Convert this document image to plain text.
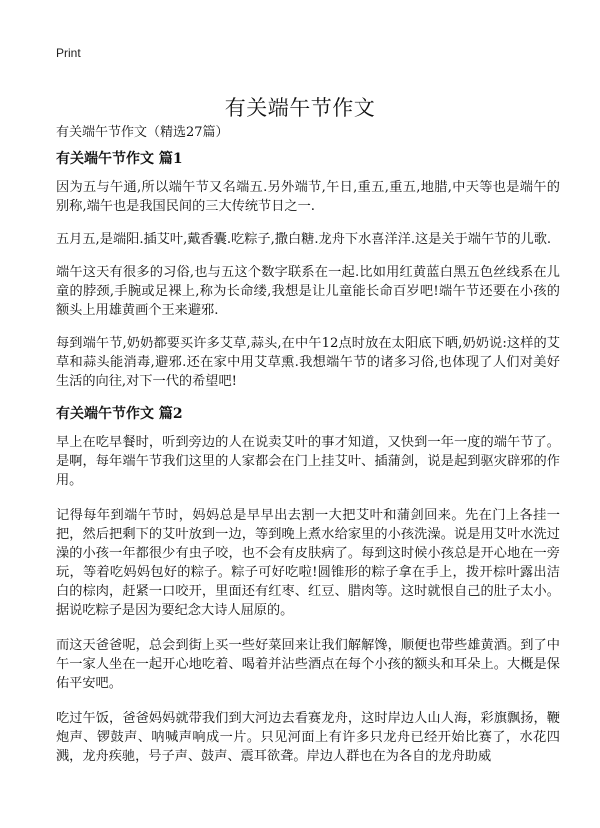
Print
有关端午节作文
有关端午节作文（精选27篇）
有关端午节作文 篇1

因为五与午通,所以端午节又名端五.另外端节,午日,重五,重五,地腊,中天等也是端午的别称,端午也是我国民间的三大传统节日之一.

五月五,是端阳.插艾叶,戴香囊.吃粽子,撒白糖.龙舟下水喜洋洋.这是关于端午节的儿歌.

端午这天有很多的习俗,也与五这个数字联系在一起.比如用红黄蓝白黑五色丝线系在儿童的脖颈,手腕或足裸上,称为长命缕,我想是让儿童能长命百岁吧!端午节还要在小孩的额头上用雄黄画个王来避邪.

每到端午节,奶奶都要买许多艾草,蒜头,在中午12点时放在太阳底下晒,奶奶说:这样的艾草和蒜头能消毒,避邪.还在家中用艾草熏.我想端午节的诸多习俗,也体现了人们对美好生活的向往,对下一代的希望吧!

有关端午节作文 篇2

早上在吃早餐时，听到旁边的人在说卖艾叶的事才知道，又快到一年一度的端午节了。是啊，每年端午节我们这里的人家都会在门上挂艾叶、插蒲剑，说是起到驱灾辟邪的作用。

记得每年到端午节时，妈妈总是早早出去割一大把艾叶和蒲剑回来。先在门上各挂一把，然后把剩下的艾叶放到一边，等到晚上煮水给家里的小孩洗澡。说是用艾叶水洗过澡的小孩一年都很少有虫子咬，也不会有皮肤病了。每到这时候小孩总是开心地在一旁玩，等着吃妈妈包好的粽子。粽子可好吃啦!圆锥形的粽子拿在手上，拨开棕叶露出洁白的棕肉，赶紧一口咬开，里面还有红枣、红豆、腊肉等。这时就恨自己的肚子太小。据说吃粽子是因为要纪念大诗人屈原的。

而这天爸爸呢，总会到街上买一些好菜回来让我们解解馋，顺便也带些雄黄酒。到了中午一家人坐在一起开心地吃着、喝着并沾些酒点在每个小孩的额头和耳朵上。大概是保佑平安吧。

吃过午饭，爸爸妈妈就带我们到大河边去看赛龙舟，这时岸边人山人海，彩旗飘扬，鞭炮声、锣鼓声、呐喊声响成一片。只见河面上有许多只龙舟已经开始比赛了，水花四溅，龙舟疾驰，号子声、鼓声、震耳欲聋。岸边人群也在为各自的龙舟助威
